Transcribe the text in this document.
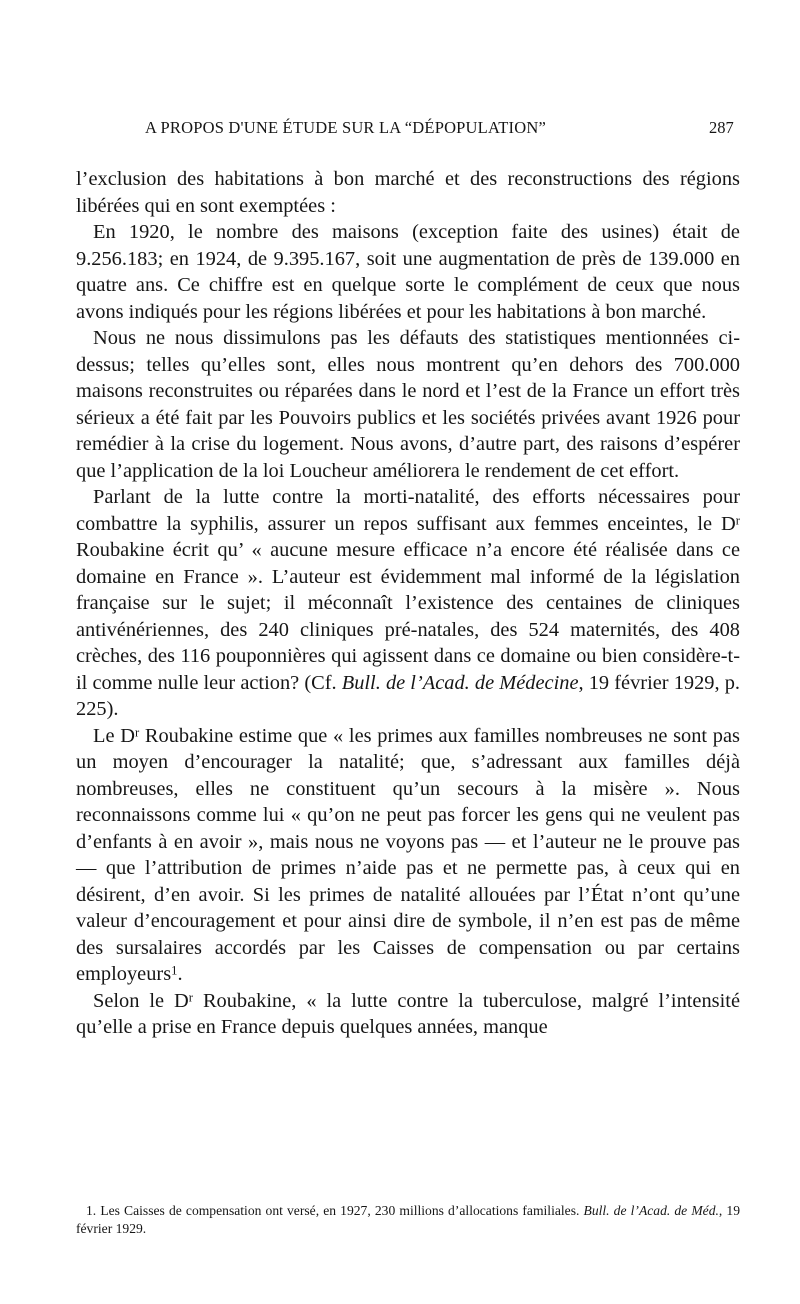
A PROPOS D'UNE ÉTUDE SUR LA “DÉPOPULATION”	287

l’exclusion des habitations à bon marché et des reconstructions des régions libérées qui en sont exemptées :

En 1920, le nombre des maisons (exception faite des usines) était de 9.256.183; en 1924, de 9.395.167, soit une augmentation de près de 139.000 en quatre ans. Ce chiffre est en quelque sorte le complément de ceux que nous avons indiqués pour les régions libérées et pour les habitations à bon marché.

Nous ne nous dissimulons pas les défauts des statistiques mentionnées ci-dessus; telles qu’elles sont, elles nous montrent qu’en dehors des 700.000 maisons reconstruites ou réparées dans le nord et l’est de la France un effort très sérieux a été fait par les Pouvoirs publics et les sociétés privées avant 1926 pour remédier à la crise du logement. Nous avons, d’autre part, des raisons d’espérer que l’application de la loi Loucheur améliorera le rendement de cet effort.

Parlant de la lutte contre la morti-natalité, des efforts nécessaires pour combattre la syphilis, assurer un repos suffisant aux femmes enceintes, le $D^r$ Roubakine écrit qu’ « aucune mesure efficace n’a encore été réalisée dans ce domaine en France ». L’auteur est évidemment mal informé de la législation française sur le sujet; il méconnaît l’existence des centaines de cliniques antivénériennes, des 240 cliniques pré-natales, des 524 maternités, des 408 crèches, des 116 pouponnières qui agissent dans ce domaine ou bien considère-t-il comme nulle leur action? (Cf. Bull. de l’Acad. de Médecine, 19 février 1929, p. 225).

Le $D^r$ Roubakine estime que « les primes aux familles nombreuses ne sont pas un moyen d’encourager la natalité; que, s’adressant aux familles déjà nombreuses, elles ne constituent qu’un secours à la misère ». Nous reconnaissons comme lui « qu’on ne peut pas forcer les gens qui ne veulent pas d’enfants à en avoir », mais nous ne voyons pas — et l’auteur ne le prouve pas — que l’attribution de primes n’aide pas et ne permette pas, à ceux qui en désirent, d’en avoir. Si les primes de natalité allouées par l’État n’ont qu’une valeur d’encouragement et pour ainsi dire de symbole, il n’en est pas de même des sursalaires accordés par les Caisses de compensation ou par certains employeurs$^1$.

Selon le $D^r$ Roubakine, « la lutte contre la tuberculose, malgré l’intensité qu’elle a prise en France depuis quelques années, manque

1. Les Caisses de compensation ont versé, en 1927, 230 millions d’allocations familiales. Bull. de l’Acad. de Méd., 19 février 1929.
